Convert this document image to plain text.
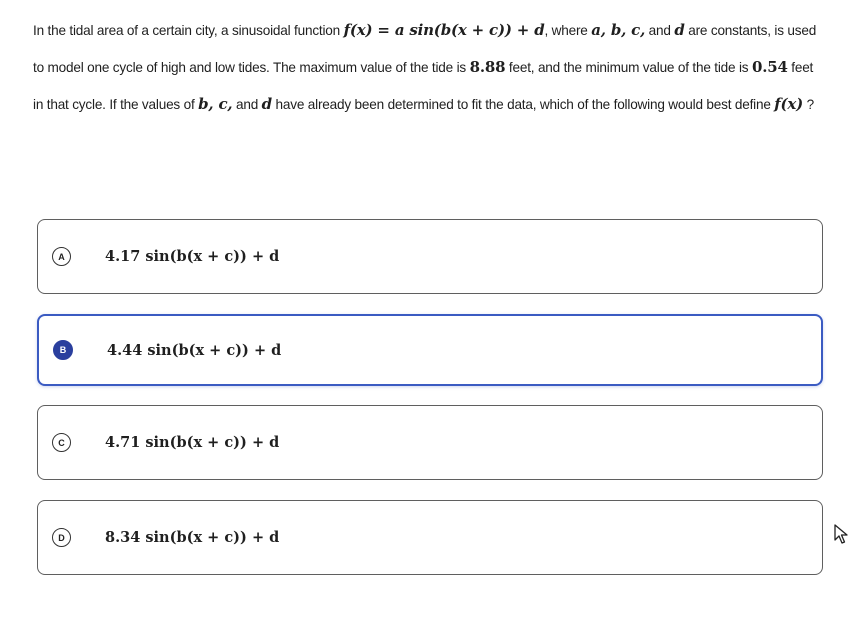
In the tidal area of a certain city, a sinusoidal function f(x) = a sin(b(x + c)) + d, where a, b, c, and d are constants, is used to model one cycle of high and low tides. The maximum value of the tide is 8.88 feet, and the minimum value of the tide is 0.54 feet in that cycle. If the values of b, c, and d have already been determined to fit the data, which of the following would best define f(x) ?
A	4.17 sin(b(x + c)) + d
B	4.44 sin(b(x + c)) + d
C	4.71 sin(b(x + c)) + d
D	8.34 sin(b(x + c)) + d
